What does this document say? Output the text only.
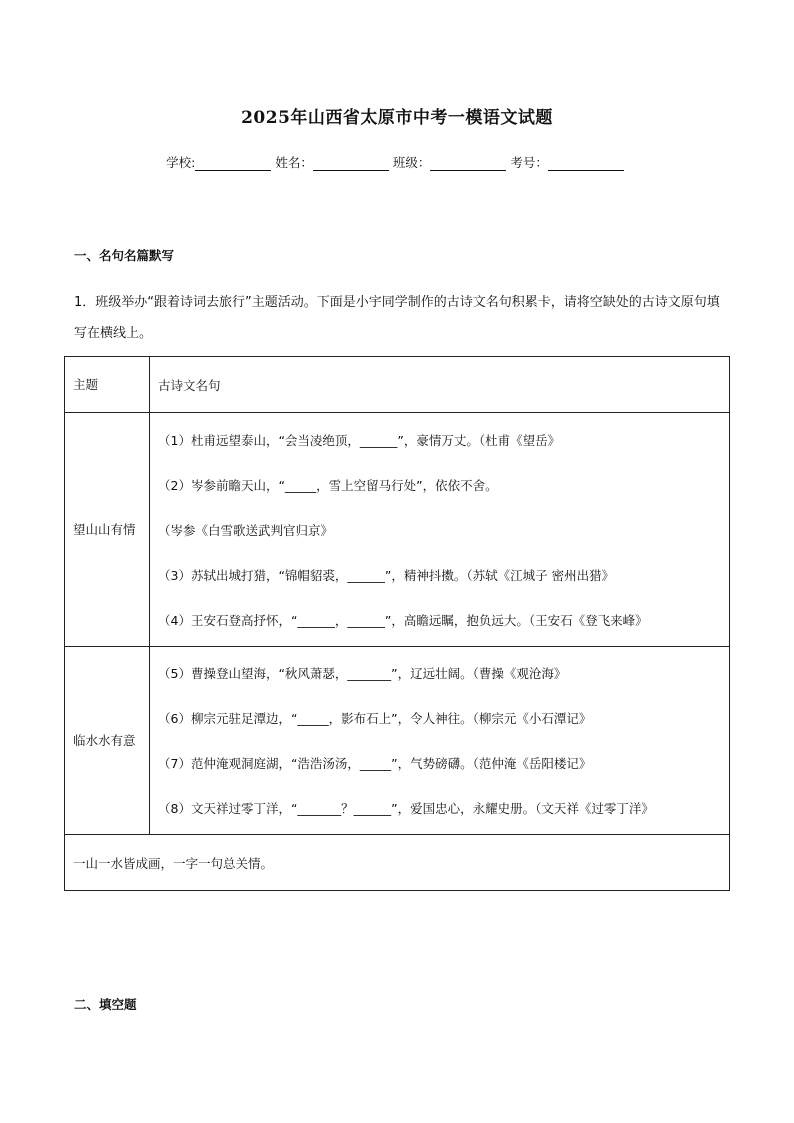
2025年山西省太原市中考一模语文试题
学校:	姓名：	班级：	考号：
一、名句名篇默写
1．班级举办“跟着诗词去旅行”主题活动。下面是小宇同学制作的古诗文名句积累卡，请将空缺处的古诗文原句填写在横线上。
主题	古诗文名句
望山山有情	（1）杜甫远望泰山，“会当凌绝顶，______”，豪情万丈。（杜甫《望岳》
（2）岑参前瞻天山，“_____，雪上空留马行处”，依依不舍。
（岑参《白雪歌送武判官归京》
（3）苏轼出城打猎，“锦帽貂裘，______”，精神抖擞。（苏轼《江城子 密州出猎》
（4）王安石登高抒怀，“______，______”，高瞻远瞩，抱负远大。（王安石《登飞来峰》

临水水有意	（5）曹操登山望海，“秋风萧瑟，_______”，辽远壮阔。（曹操《观沧海》
（6）柳宗元驻足潭边，“_____，影布石上”，令人神往。（柳宗元《小石潭记》
（7）范仲淹观洞庭湖，“浩浩汤汤，_____”，气势磅礴。（范仲淹《岳阳楼记》
（8）文天祥过零丁洋，“_______？______”，爱国忠心，永耀史册。（文天祥《过零丁洋》

一山一水皆成画，一字一句总关情。	
二、填空题
